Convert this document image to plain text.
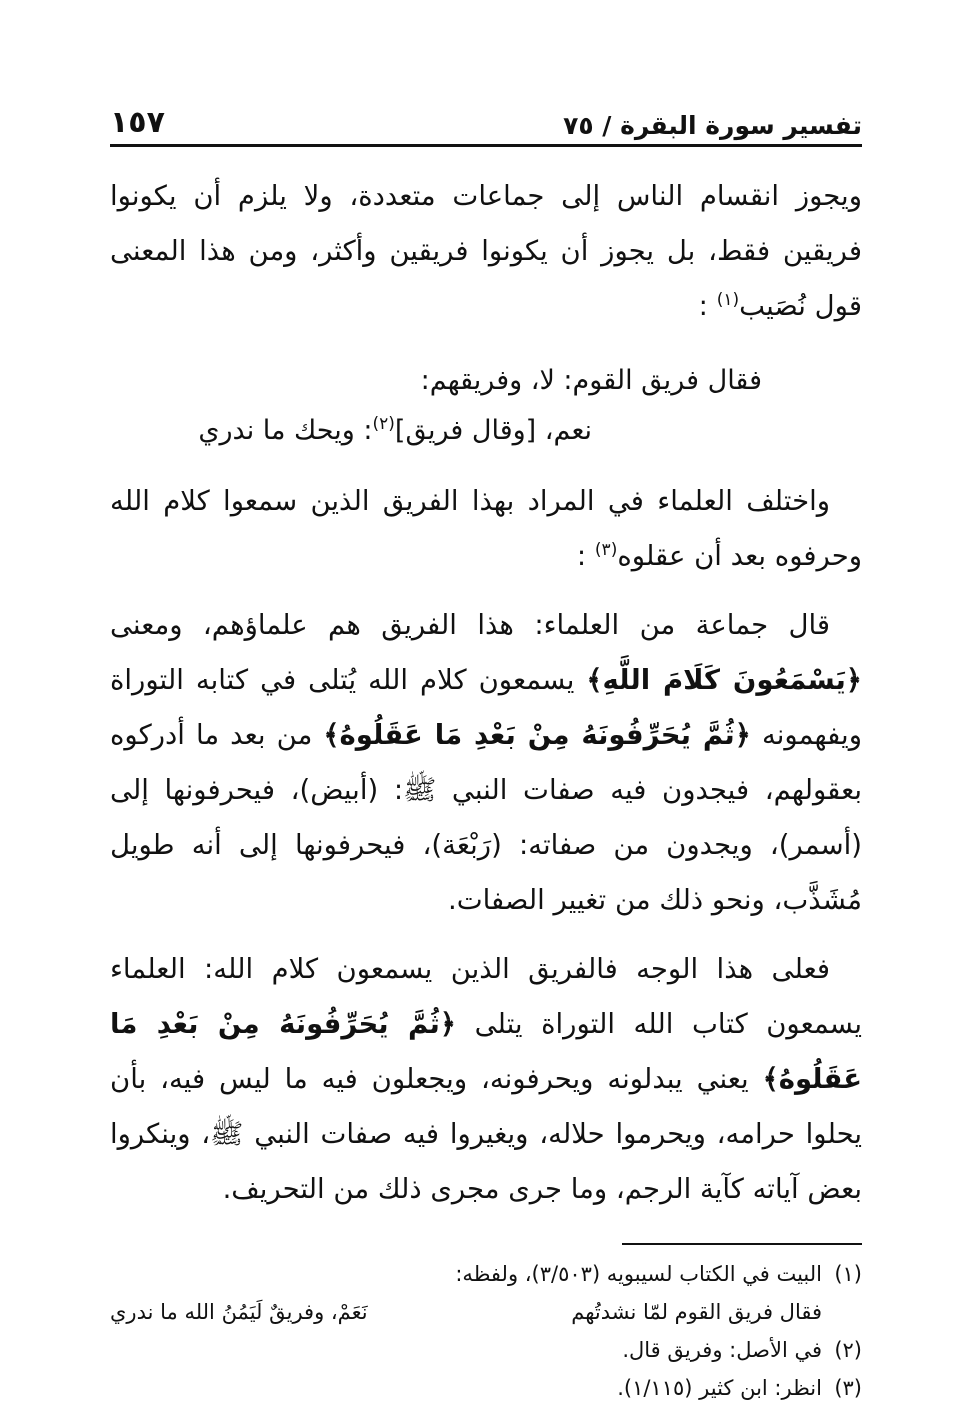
تفسير سورة البقرة / ٧٥
١٥٧

ويجوز انقسام الناس إلى جماعات متعددة، ولا يلزم أن يكونوا فريقين فقط، بل يجوز أن يكونوا فريقين وأكثر، ومن هذا المعنى قول نُصَيب$^{(١)}$ :

فقال فريق القوم: لا، وفريقهم:
نعم، [وقال فريق]$^{(٢)}$: ويحك ما ندري

واختلف العلماء في المراد بهذا الفريق الذين سمعوا كلام الله وحرفوه بعد أن عقلوه$^{(٣)}$ :

قال جماعة من العلماء: هذا الفريق هم علماؤهم، ومعنى ﴿يَسْمَعُونَ كَلَامَ اللَّهِ﴾ يسمعون كلام الله يُتلى في كتابه التوراة ويفهمونه ﴿ثُمَّ يُحَرِّفُونَهُ مِنْ بَعْدِ مَا عَقَلُوهُ﴾ من بعد ما أدركوه بعقولهم، فيجدون فيه صفات النبي ﷺ: (أبيض)، فيحرفونها إلى (أسمر)، ويجدون من صفاته: (رَبْعَة)، فيحرفونها إلى أنه طويل مُشَذَّب، ونحو ذلك من تغيير الصفات.

فعلى هذا الوجه فالفريق الذين يسمعون كلام الله: العلماء يسمعون كتاب الله التوراة يتلى ﴿ثُمَّ يُحَرِّفُونَهُ مِنْ بَعْدِ مَا عَقَلُوهُ﴾ يعني يبدلونه ويحرفونه، ويجعلون فيه ما ليس فيه، بأن يحلوا حرامه، ويحرموا حلاله، ويغيروا فيه صفات النبي ﷺ، وينكروا بعض آياته كآية الرجم، وما جرى مجرى ذلك من التحريف.

(١)
البيت في الكتاب لسيبويه (٣/٥٠٣)، ولفظه:
فقال فريق القوم لمّا نشدتُهم
نَعَمْ، وفريقٌ لَيَمُنُ الله ما ندري
(٢)
في الأصل: وفريق قال.
(٣)
انظر: ابن كثير (١/١١٥).
